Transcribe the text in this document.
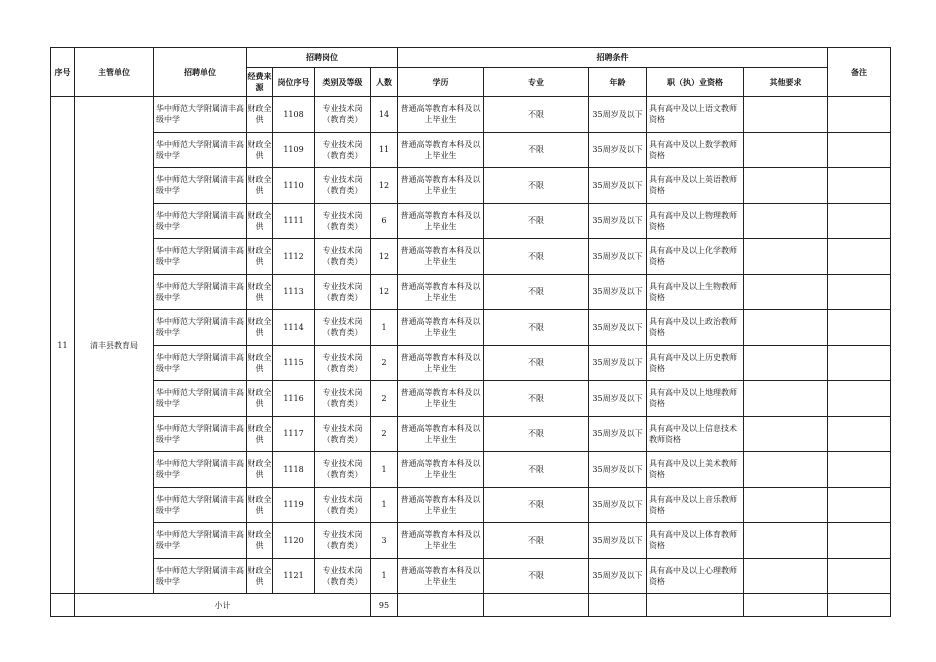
序号	主管单位	招聘单位	招聘岗位				招聘条件					备注
			经费来源	岗位序号	类别及等级	人数	学历	专业	年龄	职（执）业资格	其他要求	
11	清丰县教育局	华中师范大学附属清丰高级中学	财政全供	1108	专业技术岗（教育类）	14	普通高等教育本科及以上毕业生	不限	35周岁及以下	具有高中及以上语文教师资格		
		华中师范大学附属清丰高级中学	财政全供	1109	专业技术岗（教育类）	11	普通高等教育本科及以上毕业生	不限	35周岁及以下	具有高中及以上数学教师资格		
		华中师范大学附属清丰高级中学	财政全供	1110	专业技术岗（教育类）	12	普通高等教育本科及以上毕业生	不限	35周岁及以下	具有高中及以上英语教师资格		
		华中师范大学附属清丰高级中学	财政全供	1111	专业技术岗（教育类）	6	普通高等教育本科及以上毕业生	不限	35周岁及以下	具有高中及以上物理教师资格		
		华中师范大学附属清丰高级中学	财政全供	1112	专业技术岗（教育类）	12	普通高等教育本科及以上毕业生	不限	35周岁及以下	具有高中及以上化学教师资格		
		华中师范大学附属清丰高级中学	财政全供	1113	专业技术岗（教育类）	12	普通高等教育本科及以上毕业生	不限	35周岁及以下	具有高中及以上生物教师资格		
		华中师范大学附属清丰高级中学	财政全供	1114	专业技术岗（教育类）	1	普通高等教育本科及以上毕业生	不限	35周岁及以下	具有高中及以上政治教师资格		
		华中师范大学附属清丰高级中学	财政全供	1115	专业技术岗（教育类）	2	普通高等教育本科及以上毕业生	不限	35周岁及以下	具有高中及以上历史教师资格		
		华中师范大学附属清丰高级中学	财政全供	1116	专业技术岗（教育类）	2	普通高等教育本科及以上毕业生	不限	35周岁及以下	具有高中及以上地理教师资格		
		华中师范大学附属清丰高级中学	财政全供	1117	专业技术岗（教育类）	2	普通高等教育本科及以上毕业生	不限	35周岁及以下	具有高中及以上信息技术教师资格		
		华中师范大学附属清丰高级中学	财政全供	1118	专业技术岗（教育类）	1	普通高等教育本科及以上毕业生	不限	35周岁及以下	具有高中及以上美术教师资格		
		华中师范大学附属清丰高级中学	财政全供	1119	专业技术岗（教育类）	1	普通高等教育本科及以上毕业生	不限	35周岁及以下	具有高中及以上音乐教师资格		
		华中师范大学附属清丰高级中学	财政全供	1120	专业技术岗（教育类）	3	普通高等教育本科及以上毕业生	不限	35周岁及以下	具有高中及以上体育教师资格		
		华中师范大学附属清丰高级中学	财政全供	1121	专业技术岗（教育类）	1	普通高等教育本科及以上毕业生	不限	35周岁及以下	具有高中及以上心理教师资格		
	小计					95						
